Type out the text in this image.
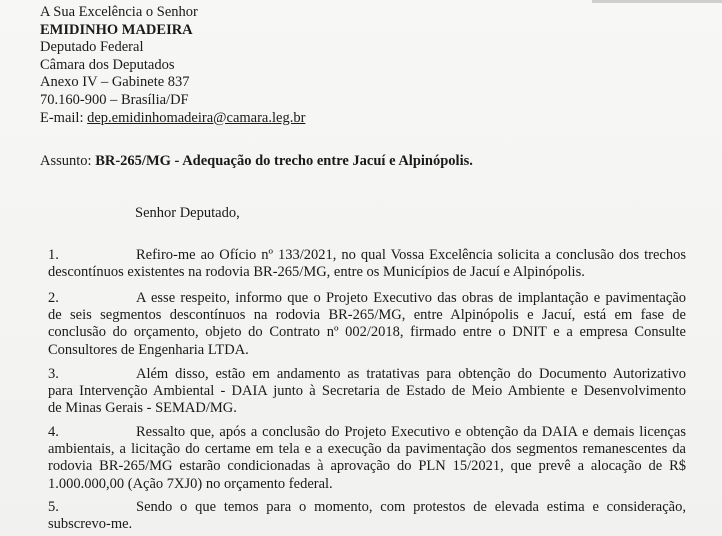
A Sua Excelência o Senhor
EMIDINHO MADEIRA
Deputado Federal
Câmara dos Deputados
Anexo IV – Gabinete 837
70.160-900 – Brasília/DF
E-mail: dep.emidinhomadeira@camara.leg.br
Assunto: BR-265/MG - Adequação do trecho entre Jacuí e Alpinópolis.
Senhor Deputado,
1.	Refiro-me ao Ofício nº 133/2021, no qual Vossa Excelência solicita a conclusão dos trechos
descontínuos existentes na rodovia BR-265/MG, entre os Municípios de Jacuí e Alpinópolis.
2.	A esse respeito, informo que o Projeto Executivo das obras de implantação e pavimentação
de seis segmentos descontínuos na rodovia BR-265/MG, entre Alpinópolis e Jacuí, está em fase de
conclusão do orçamento, objeto do Contrato nº 002/2018, firmado entre o DNIT e a empresa Consulte
Consultores de Engenharia LTDA.
3.	Além disso, estão em andamento as tratativas para obtenção do Documento Autorizativo
para Intervenção Ambiental - DAIA junto à Secretaria de Estado de Meio Ambiente e Desenvolvimento
de Minas Gerais - SEMAD/MG.
4.	Ressalto que, após a conclusão do Projeto Executivo e obtenção da DAIA e demais licenças
ambientais, a licitação do certame em tela e a execução da pavimentação dos segmentos remanescentes da
rodovia BR-265/MG estarão condicionadas à aprovação do PLN 15/2021, que prevê a alocação de R$
1.000.000,00 (Ação 7XJ0) no orçamento federal.
5.	Sendo o que temos para o momento, com protestos de elevada estima e consideração,
subscrevo-me.
